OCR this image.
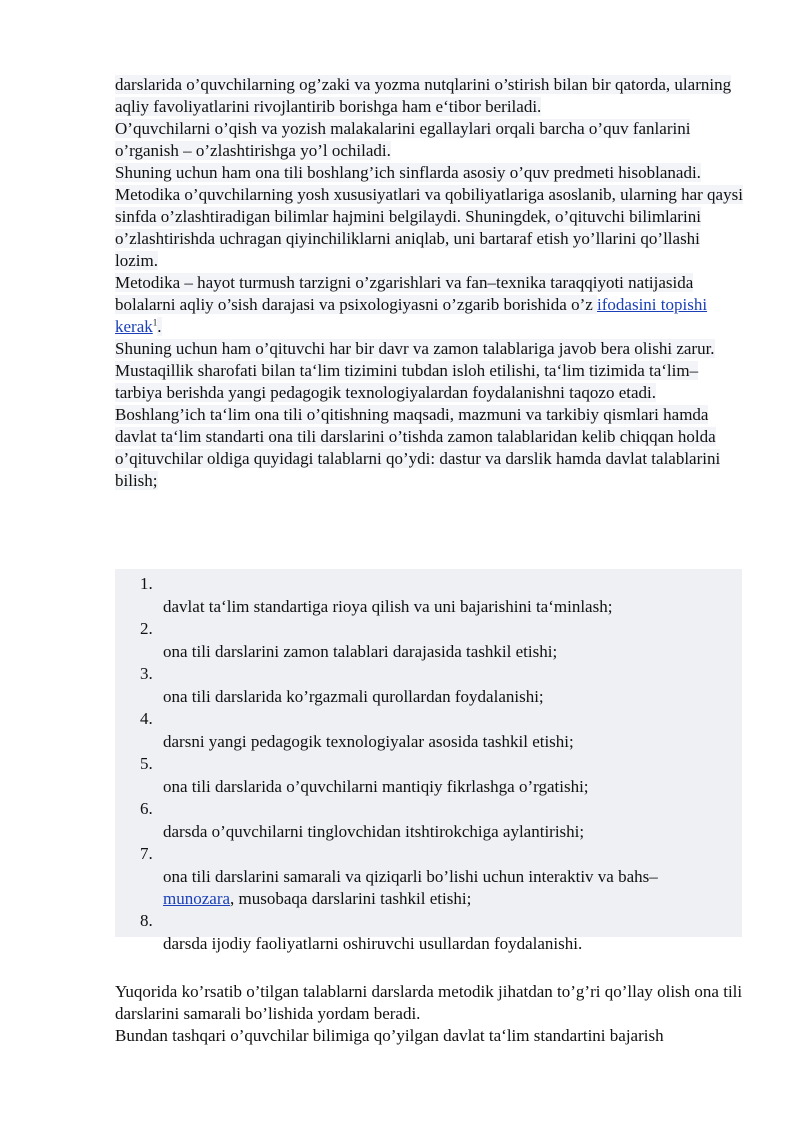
darslarida o’quvchilarning og’zaki va yozma nutqlarini o’stirish bilan bir qatorda, ularning aqliy favoliyatlarini rivojlantirib borishga ham e‘tibor beriladi.

O’quvchilarni o’qish va yozish malakalarini egallaylari orqali barcha o’quv fanlarini o’rganish – o’zlashtirishga yo’l ochiladi.

Shuning uchun ham ona tili boshlang’ich sinflarda asosiy o’quv predmeti hisoblanadi. Metodika o’quvchilarning yosh xususiyatlari va qobiliyatlariga asoslanib, ularning har qaysi sinfda o’zlashtiradigan bilimlar hajmini belgilaydi. Shuningdek, o’qituvchi bilimlarini o’zlashtirishda uchragan qiyinchiliklarni aniqlab, uni bartaraf etish yo’llarini qo’llashi lozim.

Metodika – hayot turmush tarzigni o’zgarishlari va fan–texnika taraqqiyoti natijasida bolalarni aqliy o’sish darajasi va psixologiyasni o’zgarib borishida o’z ifodasini topishi kerak$^1$.

Shuning uchun ham o’qituvchi har bir davr va zamon talablariga javob bera olishi zarur.

Mustaqillik sharofati bilan ta‘lim tizimini tubdan isloh etilishi, ta‘lim tizimida ta‘lim–tarbiya berishda yangi pedagogik texnologiyalardan foydalanishni taqozo etadi.

Boshlang’ich ta‘lim ona tili o’qitishning maqsadi, mazmuni va tarkibiy qismlari hamda davlat ta‘lim standarti ona tili darslarini o’tishda zamon talablaridan kelib chiqqan holda o’qituvchilar oldiga quyidagi talablarni qo’ydi: dastur va darslik hamda davlat talablarini bilish;

1.
davlat ta‘lim standartiga rioya qilish va uni bajarishini ta‘minlash;
2.
ona tili darslarini zamon talablari darajasida tashkil etishi;
3.
ona tili darslarida ko’rgazmali qurollardan foydalanishi;
4.
darsni yangi pedagogik texnologiyalar asosida tashkil etishi;
5.
ona tili darslarida o’quvchilarni mantiqiy fikrlashga o’rgatishi;
6.
darsda o’quvchilarni tinglovchidan itshtirokchiga aylantirishi;
7.
ona tili darslarini samarali va qiziqarli bo’lishi uchun interaktiv va bahs– munozara, musobaqa darslarini tashkil etishi;
8.
darsda ijodiy faoliyatlarni oshiruvchi usullardan foydalanishi.

Yuqorida ko’rsatib o’tilgan talablarni darslarda metodik jihatdan to’g’ri qo’llay olish ona tili darslarini samarali bo’lishida yordam beradi.

Bundan tashqari o’quvchilar bilimiga qo’yilgan davlat ta‘lim standartini bajarish
